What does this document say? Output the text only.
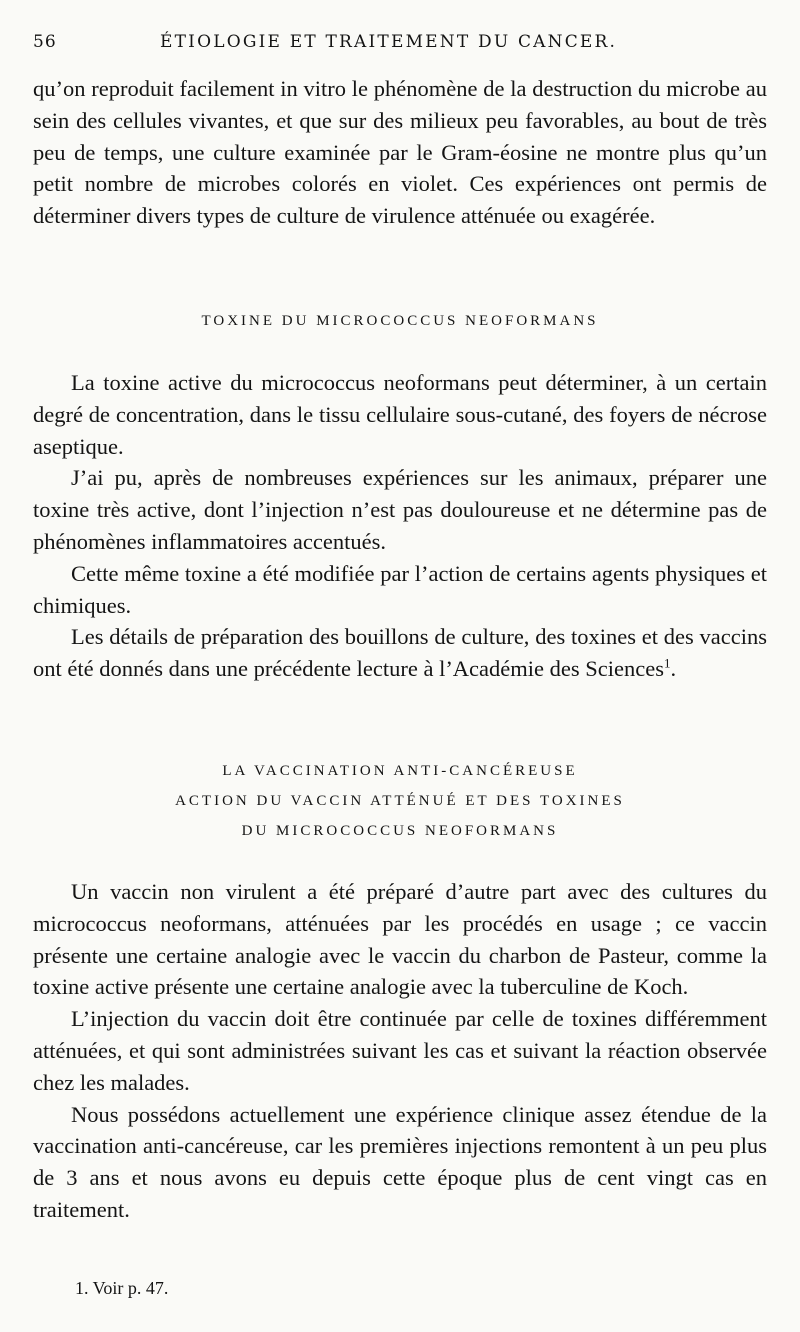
56	ÉTIOLOGIE ET TRAITEMENT DU CANCER.

qu’on reproduit facilement in vitro le phénomène de la destruction du microbe au sein des cellules vivantes, et que sur des milieux peu favorables, au bout de très peu de temps, une culture examinée par le Gram-éosine ne montre plus qu’un petit nombre de microbes colorés en violet. Ces expériences ont permis de déterminer divers types de culture de virulence atténuée ou exagérée.

TOXINE DU MICROCOCCUS NEOFORMANS

La toxine active du micrococcus neoformans peut déterminer, à un certain degré de concentration, dans le tissu cellulaire sous-cutané, des foyers de nécrose aseptique.

J’ai pu, après de nombreuses expériences sur les animaux, préparer une toxine très active, dont l’injection n’est pas douloureuse et ne détermine pas de phénomènes inflammatoires accentués.

Cette même toxine a été modifiée par l’action de certains agents physiques et chimiques.

Les détails de préparation des bouillons de culture, des toxines et des vaccins ont été donnés dans une précédente lecture à l’Académie des Sciences$^1$.

LA VACCINATION ANTI-CANCÉREUSE
ACTION DU VACCIN ATTÉNUÉ ET DES TOXINES
DU MICROCOCCUS NEOFORMANS

Un vaccin non virulent a été préparé d’autre part avec des cultures du micrococcus neoformans, atténuées par les procédés en usage ; ce vaccin présente une certaine analogie avec le vaccin du charbon de Pasteur, comme la toxine active présente une certaine analogie avec la tuberculine de Koch.

L’injection du vaccin doit être continuée par celle de toxines différemment atténuées, et qui sont administrées suivant les cas et suivant la réaction observée chez les malades.

Nous possédons actuellement une expérience clinique assez étendue de la vaccination anti-cancéreuse, car les premières injections remontent à un peu plus de 3 ans et nous avons eu depuis cette époque plus de cent vingt cas en traitement.

1. Voir p. 47.
